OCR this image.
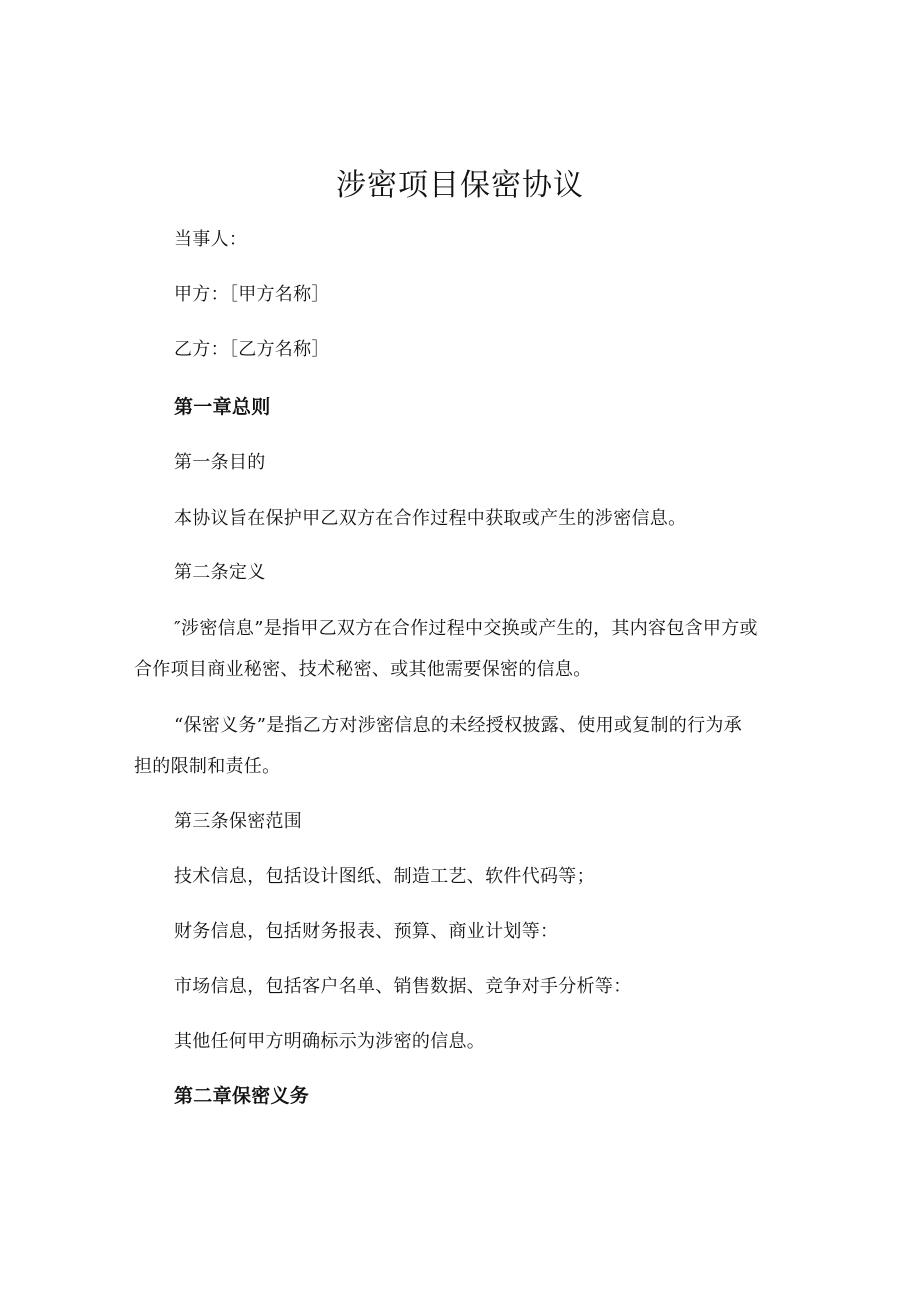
涉密项目保密协议

当事人：

甲方：［甲方名称］

乙方：［乙方名称］

第一章总则

第一条目的

本协议旨在保护甲乙双方在合作过程中获取或产生的涉密信息。

第二条定义

″涉密信息”是指甲乙双方在合作过程中交换或产生的，其内容包含甲方或

合作项目商业秘密、技术秘密、或其他需要保密的信息。

“保密义务”是指乙方对涉密信息的未经授权披露、使用或复制的行为承

担的限制和责任。

第三条保密范围

技术信息，包括设计图纸、制造工艺、软件代码等；

财务信息，包括财务报表、预算、商业计划等：

市场信息，包括客户名单、销售数据、竞争对手分析等：

其他任何甲方明确标示为涉密的信息。

第二章保密义务
